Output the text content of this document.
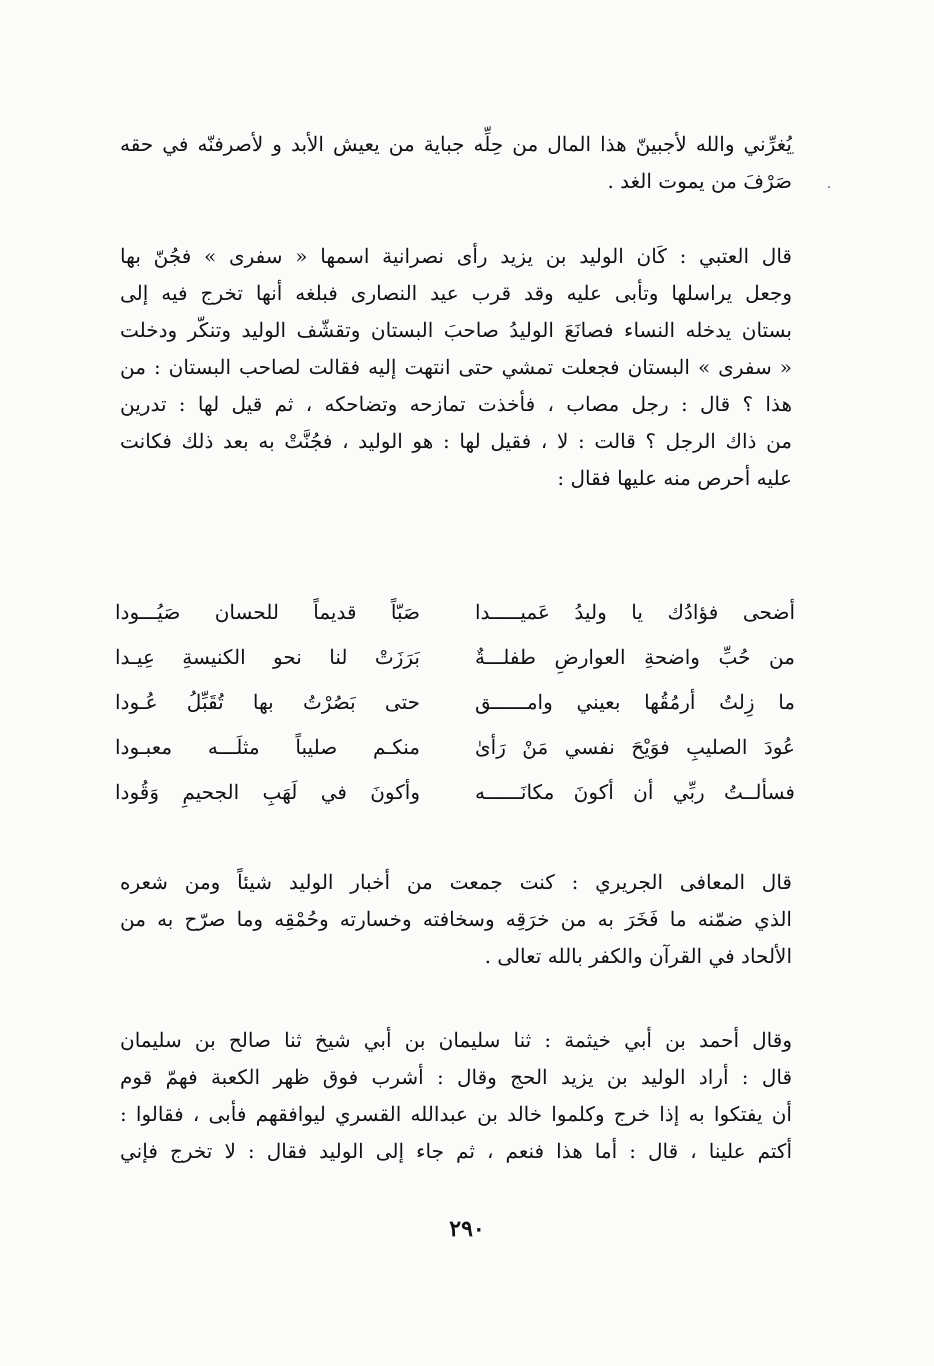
يُغرِّني والله لأجبينّ هذا المال من حِلِّه جباية من يعيش الأبد و لأصرفنّه في حقه
صَرْفَ من يموت الغد .
قال العتبي : كَان الوليد بن يزيد رأى نصرانية اسمها « سفرى » فجُنّ بها
وجعل يراسلها وتأبى عليه وقد قرب عيد النصارى فبلغه أنها تخرج فيه إلى
بستان يدخله النساء فصانَعَ الوليدُ صاحبَ البستان وتقشّف الوليد وتنكّر ودخلت
« سفرى » البستان فجعلت تمشي حتى انتهت إليه فقالت لصاحب البستان : من
هذا ؟ قال : رجل مصاب ، فأخذت تمازحه وتضاحكه ، ثم قيل لها : تدرين
من ذاك الرجل ؟ قالت : لا ، فقيل لها : هو الوليد ، فجُنَّتْ به بعد ذلك فكانت
عليه أحرص منه عليها فقال :
أضحى فؤادُك يا وليدُ عَميـــــدا
صَبّاً قديماً للحسان صَيُـــودا
من حُبِّ واضحةِ العوارضِ طفلـــةٌ
بَرَزَتْ لنا نحو الكنيسةِ عِيـدا
ما زِلتُ أرمُقُها بعيني وامــــــق
حتى بَصُرْتُ بها تُقَبِّلُ عُـودا
عُودَ الصليبِ فوَيْحَ نفسي مَنْ رَأىٰ
منكـم صليباً مثلَـــه معبـودا
فسألــتُ ربِّي أن أكونَ مكانَــــــه
وأكونَ في لَهَبِ الجحيمِ وَقُودا
قال المعافى الجريري : كنت جمعت من أخبار الوليد شيئاً ومن شعره
الذي ضمّنه ما فَخَرَ به من خرَقِه وسخافته وخسارته وحُمْقِه وما صرّح به من
الألحاد في القرآن والكفر بالله تعالى .
وقال أحمد بن أبي خيثمة : ثنا سليمان بن أبي شيخ ثنا صالح بن سليمان
قال : أراد الوليد بن يزيد الحج وقال : أشرب فوق ظهر الكعبة فهمّ قوم
أن يفتكوا به إذا خرج وكلموا خالد بن عبدالله القسري ليوافقهم فأبى ، فقالوا :
أكتم علينا ، قال : أما هذا فنعم ، ثم جاء إلى الوليد فقال : لا تخرج فإني
٢٩٠
